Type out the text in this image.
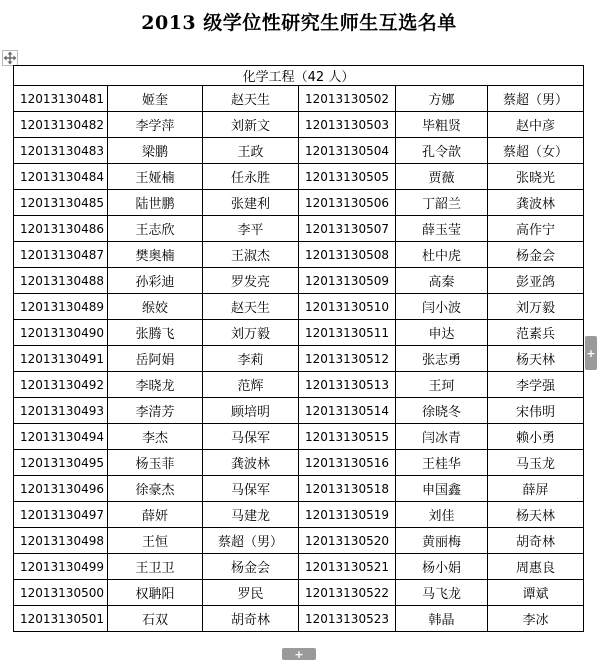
2013 级学位性研究生师生互选名单
化学工程（42 人）					
12013130481	姬奎	赵天生	12013130502	方娜	蔡超（男）
12013130482	李学萍	刘新文	12013130503	毕粗贤	赵中彦
12013130483	梁鹏	王政	12013130504	孔令歆	蔡超（女）
12013130484	王娅楠	任永胜	12013130505	贾薇	张晓光
12013130485	陆世鹏	张建利	12013130506	丁韶兰	龚波林
12013130486	王志欣	李平	12013130507	薛玉莹	高作宁
12013130487	樊奥楠	王淑杰	12013130508	杜中虎	杨金会
12013130488	孙彩迪	罗发亮	12013130509	高秦	彭亚鸽
12013130489	缑姣	赵天生	12013130510	闫小波	刘万毅
12013130490	张腾飞	刘万毅	12013130511	申达	范素兵
12013130491	岳阿娟	李莉	12013130512	张志勇	杨天林
12013130492	李晓龙	范辉	12013130513	王珂	李学强
12013130493	李清芳	顾培明	12013130514	徐晓冬	宋伟明
12013130494	李杰	马保军	12013130515	闫冰青	赖小勇
12013130495	杨玉菲	龚波林	12013130516	王桂华	马玉龙
12013130496	徐豪杰	马保军	12013130518	申国鑫	薛屏
12013130497	薛妍	马建龙	12013130519	刘佳	杨天林
12013130498	王恒	蔡超（男）	12013130520	黄丽梅	胡奇林
12013130499	王卫卫	杨金会	12013130521	杨小娟	周惠良
12013130500	权聃阳	罗民	12013130522	马飞龙	谭斌
12013130501	石双	胡奇林	12013130523	韩晶	李冰
+
+
